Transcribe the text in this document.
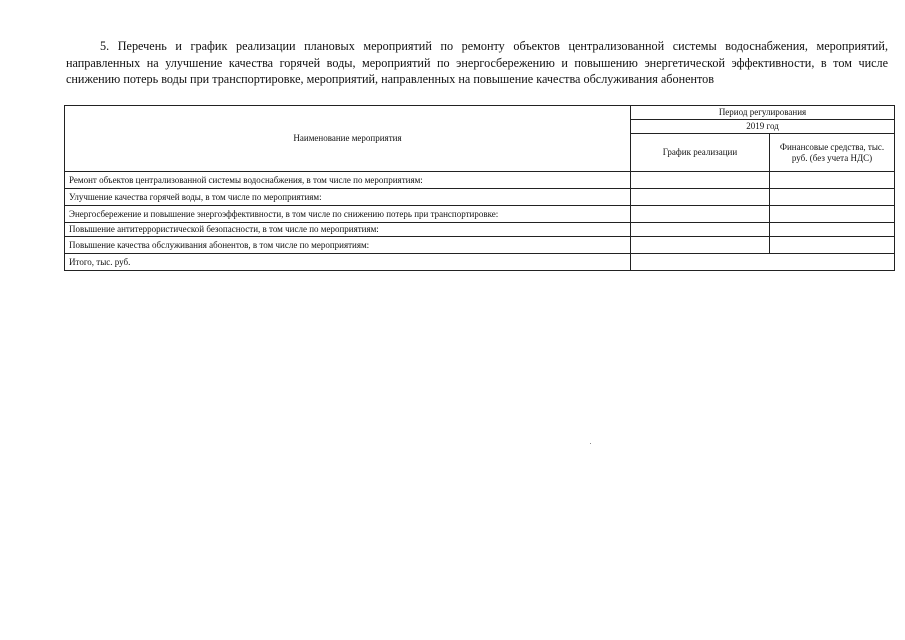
5. Перечень и график реализации плановых мероприятий по ремонту объектов централизованной системы водоснабжения, мероприятий, направленных на улучшение качества горячей воды, мероприятий по энергосбережению и повышению энергетической эффективности, в том числе снижению потерь воды при транспортировке, мероприятий, направленных на повышение качества обслуживания абонентов

Наименование мероприятия	Период регулирования	
	2019 год	
	График реализации	Финансовые средства, тыс. руб. (без учета НДС)
Ремонт объектов централизованной системы водоснабжения, в том числе по мероприятиям:		
Улучшение качества горячей воды, в том числе по мероприятиям:		
Энергосбережение и повышение энергоэффективности, в том числе по снижению потерь при транспортировке:		
Повышение антитеррористической безопасности, в том числе по мероприятиям:		
Повышение качества обслуживания абонентов, в том числе по мероприятиям:		
Итого, тыс. руб.		
